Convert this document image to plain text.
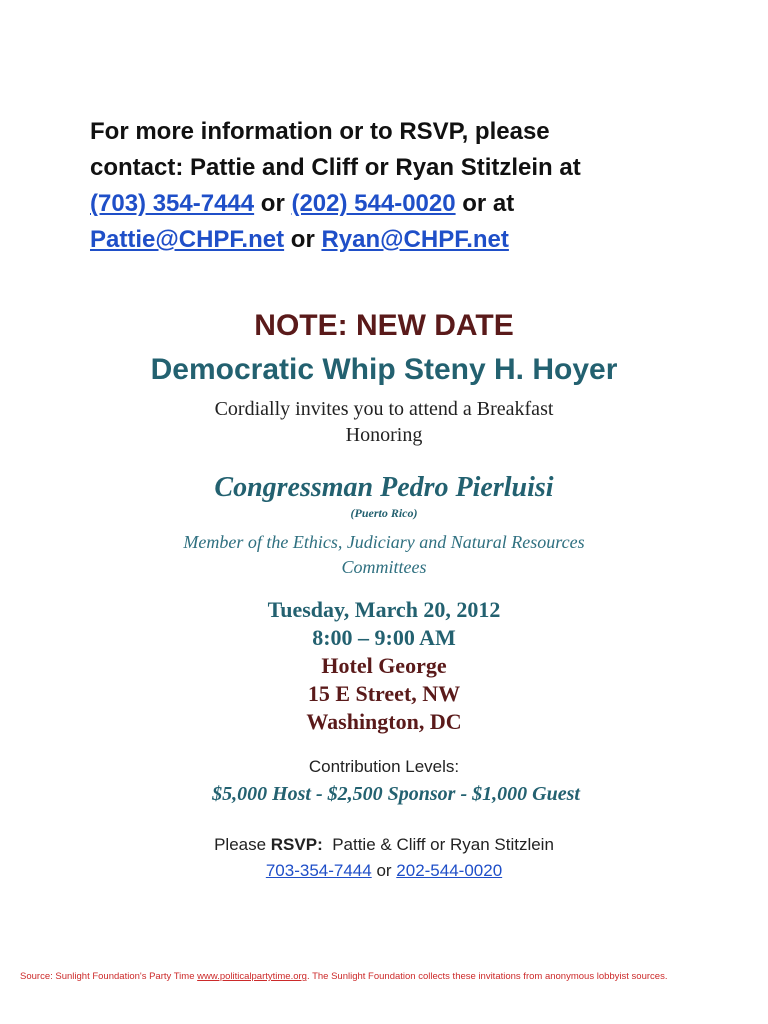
For more information or to RSVP, please
contact: Pattie and Cliff or Ryan Stitzlein at
(703) 354-7444 or (202) 544-0020 or at
Pattie@CHPF.net or Ryan@CHPF.net
NOTE: NEW DATE
Democratic Whip Steny H. Hoyer
Cordially invites you to attend a Breakfast
Honoring
Congressman Pedro Pierluisi
(Puerto Rico)
Member of the Ethics, Judiciary and Natural Resources
Committees
Tuesday, March 20, 2012
8:00 – 9:00 AM
Hotel George
15 E Street, NW
Washington, DC
Contribution Levels:
$5,000 Host - $2,500 Sponsor - $1,000 Guest
Please RSVP:  Pattie & Cliff or Ryan Stitzlein
703-354-7444 or 202-544-0020
Source: Sunlight Foundation's Party Time www.politicalpartytime.org. The Sunlight Foundation collects these invitations from anonymous lobbyist sources.
